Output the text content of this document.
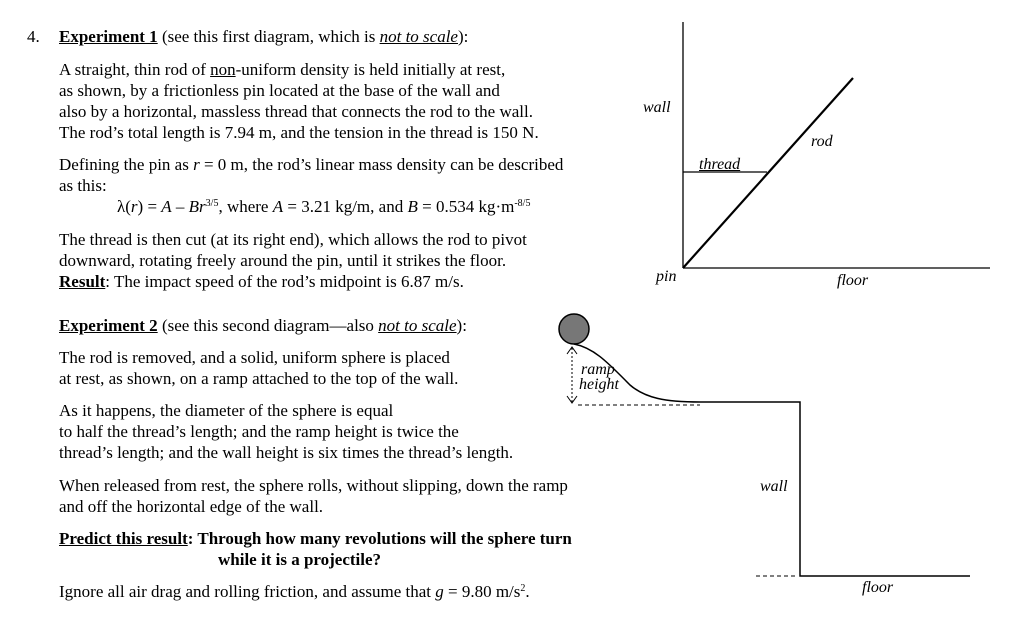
4. Experiment 1 (see this first diagram, which is not to scale):
A straight, thin rod of non-uniform density is held initially at rest,
as shown, by a frictionless pin located at the base of the wall and
also by a horizontal, massless thread that connects the rod to the wall.
The rod’s total length is 7.94 m, and the tension in the thread is 150 N.
Defining the pin as r = 0 m, the rod’s linear mass density can be described
as this:
$\lambda(r) = A - Br^{3/5}$, where A = 3.21 kg/m, and B = 0.534 $kg\cdot m^{-8/5}$
The thread is then cut (at its right end), which allows the rod to pivot
downward, rotating freely around the pin, until it strikes the floor.
Result: The impact speed of the rod’s midpoint is 6.87 m/s.
Experiment 2 (see this second diagram—also not to scale):
The rod is removed, and a solid, uniform sphere is placed
at rest, as shown, on a ramp attached to the top of the wall.
As it happens, the diameter of the sphere is equal
to half the thread’s length; and the ramp height is twice the
thread’s length; and the wall height is six times the thread’s length.
When released from rest, the sphere rolls, without slipping, down the ramp
and off the horizontal edge of the wall.
Predict this result: Through how many revolutions will the sphere turn
while it is a projectile?
Ignore all air drag and rolling friction, and assume that g = 9.80 $m/s^2$.
wall
rod
thread
pin	floor
ramp
height
wall
floor
